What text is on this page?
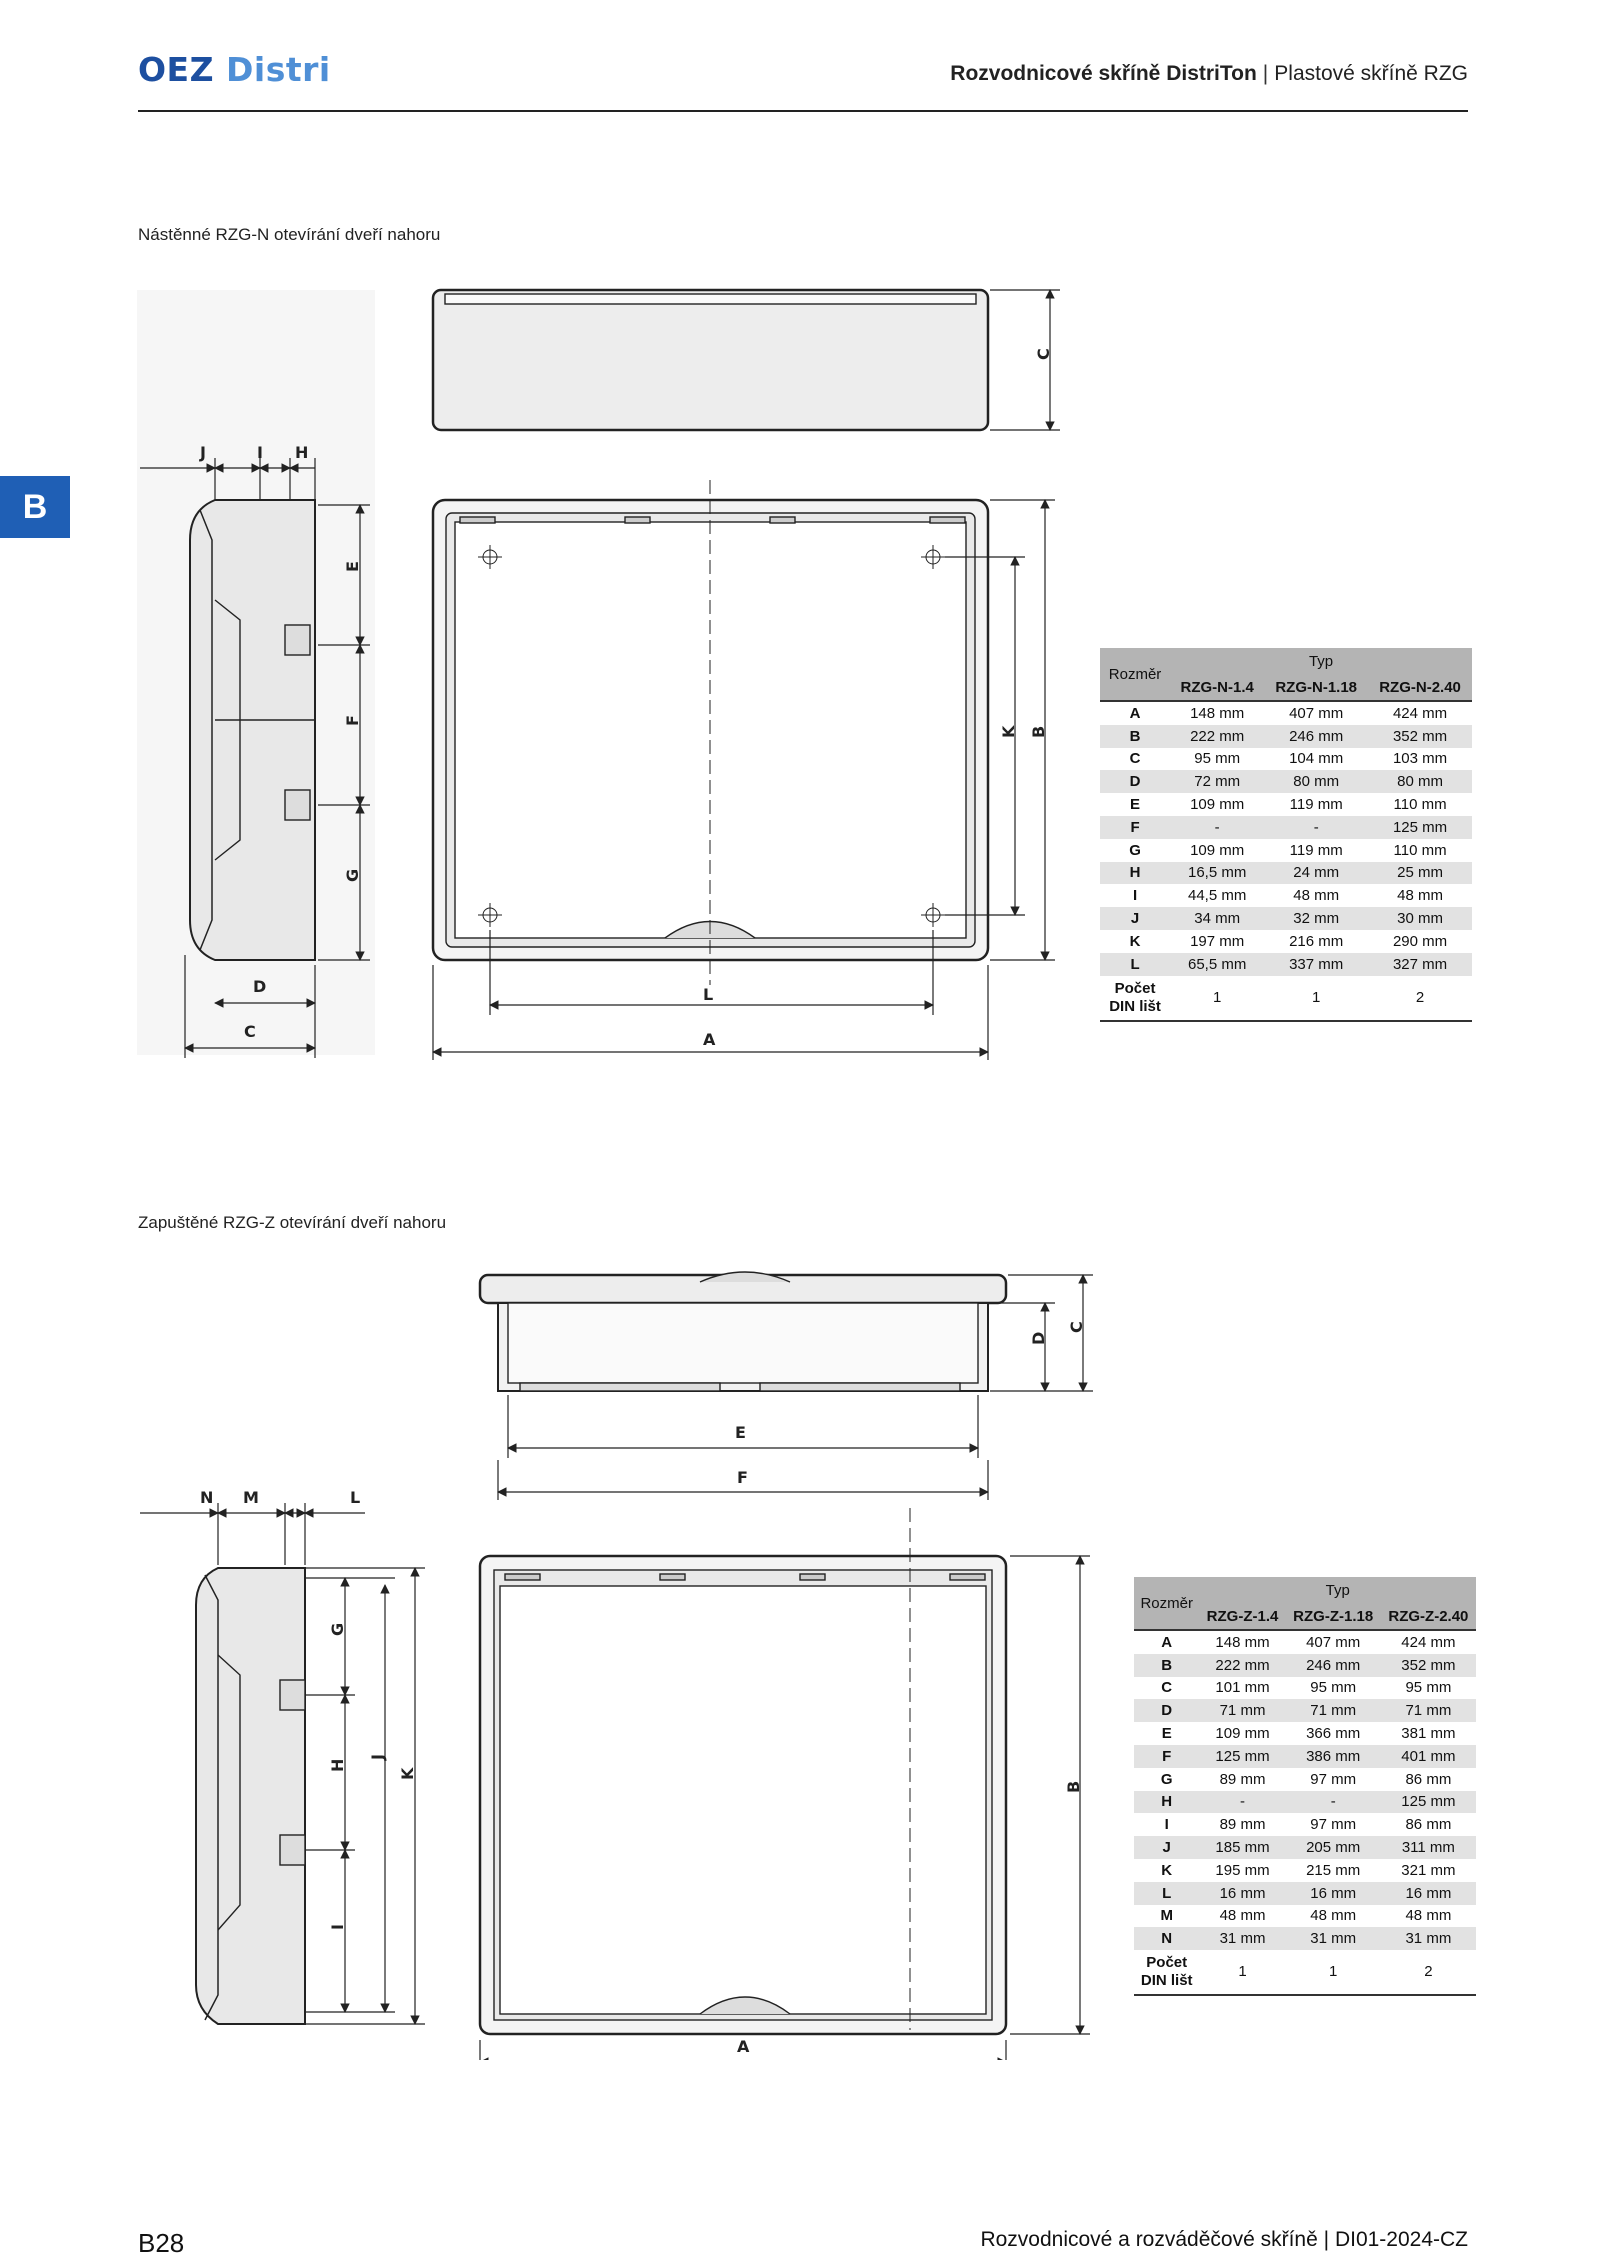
OEZ Distri	Rozvodnicové skříně DistriTon | Plastové skříně RZG
B
Nástěnné RZG-N otevírání dveří nahoru
C
B
K
L
A
E
F
G
J	I H
D
C
Rozměr	Typ		
	RZG-N-1.4	RZG-N-1.18	RZG-N-2.40
A	148 mm	407 mm	424 mm
B	222 mm	246 mm	352 mm
C	95 mm	104 mm	103 mm
D	72 mm	80 mm	80 mm
E	109 mm	119 mm	110 mm
F	-	-	125 mm
G	109 mm	119 mm	110 mm
H	16,5 mm	24 mm	25 mm
I	44,5 mm	48 mm	48 mm
J	34 mm	32 mm	30 mm
K	197 mm	216 mm	290 mm
L	65,5 mm	337 mm	327 mm
Počet
DIN lišt	1	1	2
Zapuštěné RZG-Z otevírání dveří nahoru
C
D
E
F
B
A
G
H
I
J
K
N M	L
Rozměr	Typ		
	RZG-Z-1.4	RZG-Z-1.18	RZG-Z-2.40
A	148 mm	407 mm	424 mm
B	222 mm	246 mm	352 mm
C	101 mm	95 mm	95 mm
D	71 mm	71 mm	71 mm
E	109 mm	366 mm	381 mm
F	125 mm	386 mm	401 mm
G	89 mm	97 mm	86 mm
H	-	-	125 mm
I	89 mm	97 mm	86 mm
J	185 mm	205 mm	311 mm
K	195 mm	215 mm	321 mm
L	16 mm	16 mm	16 mm
M	48 mm	48 mm	48 mm
N	31 mm	31 mm	31 mm
Počet
DIN lišt	1	1	2
B28	Rozvodnicové a rozváděčové skříně | DI01-2024-CZ
